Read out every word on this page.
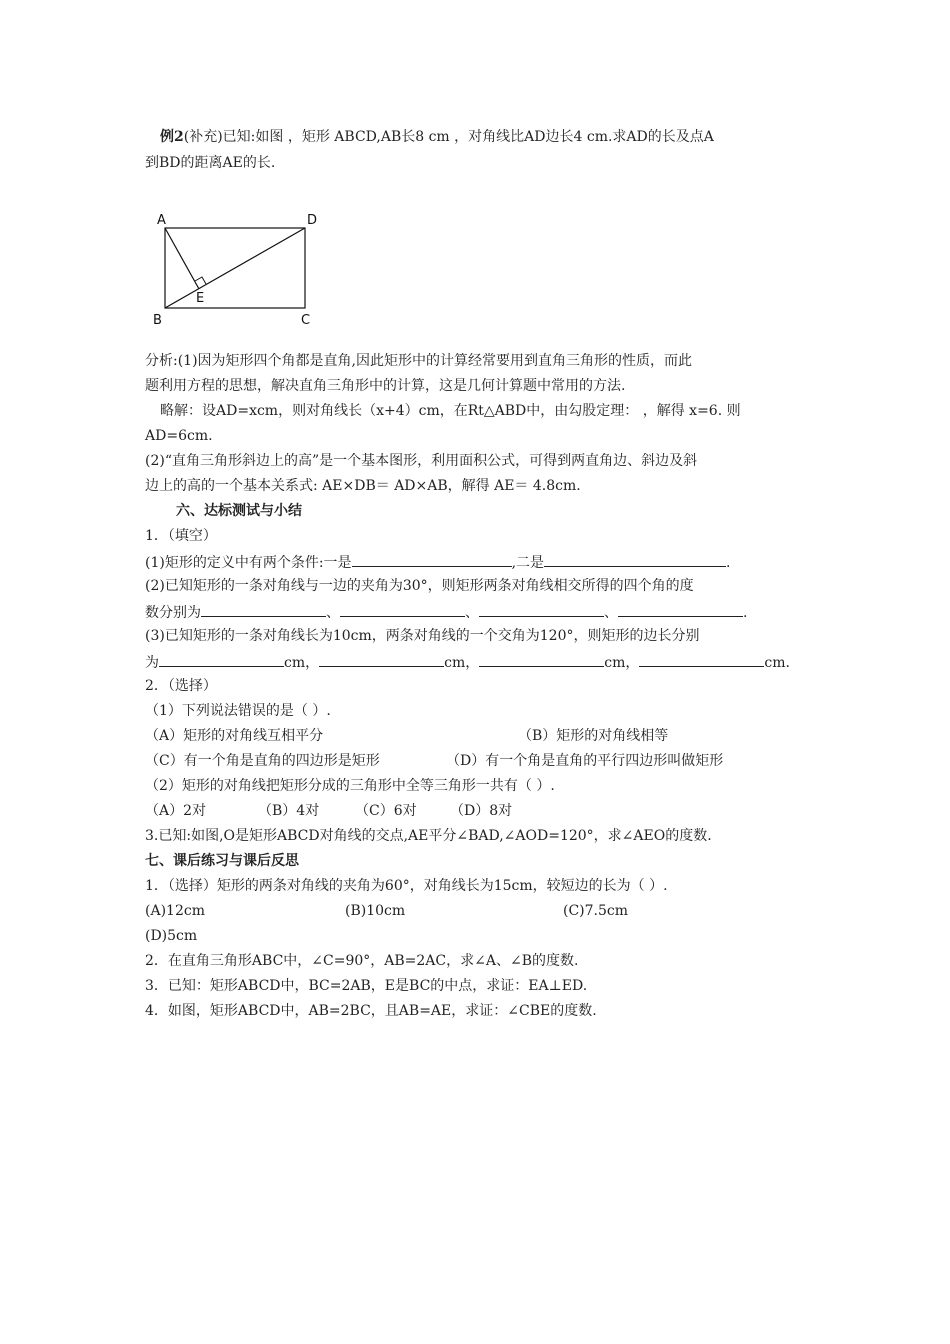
例2(补充)已知:如图 ，矩形 ABCD,AB长8 cm ，对角线比AD边长4 cm.求AD的长及点A
到BD的距离AE的长.
A	D
B	C
E
分析:(1)因为矩形四个角都是直角,因此矩形中的计算经常要用到直角三角形的性质，而此
题利用方程的思想，解决直角三角形中的计算，这是几何计算题中常用的方法.
略解：设AD=xcm，则对角线长（x+4）cm，在Rt△ABD中，由勾股定理： ，解得 x=6. 则
AD=6cm.
(2)“直角三角形斜边上的高”是一个基本图形，利用面积公式，可得到两直角边、斜边及斜
边上的高的一个基本关系式: AE×DB＝ AD×AB，解得 AE＝ 4.8cm.
六、达标测试与小结
1．（填空）
(1)矩形的定义中有两个条件:一是	,二是	.
(2)已知矩形的一条对角线与一边的夹角为30°，则矩形两条对角线相交所得的四个角的度
数分别为	、	、	、	.
(3)已知矩形的一条对角线长为10cm，两条对角线的一个交角为120°，则矩形的边长分别
为	cm，	cm，	cm，	cm.
2．（选择）
（1）下列说法错误的是（ ）.
（A）矩形的对角线互相平分	（B）矩形的对角线相等
（C）有一个角是直角的四边形是矩形	（D）有一个角是直角的平行四边形叫做矩形
（2）矩形的对角线把矩形分成的三角形中全等三角形一共有（ ）.
（A）2对	（B）4对	（C）6对 （D）8对
3.已知:如图,O是矩形ABCD对角线的交点,AE平分∠BAD,∠AOD=120°，求∠AEO的度数.
七、课后练习与课后反思
1．（选择）矩形的两条对角线的夹角为60°，对角线长为15cm，较短边的长为（ ）.
(A)12cm	(B)10cm	(C)7.5cm
(D)5cm
2．在直角三角形ABC中，∠C=90°，AB=2AC，求∠A、∠B的度数.
3．已知：矩形ABCD中，BC=2AB，E是BC的中点，求证：EA⊥ED.
4．如图，矩形ABCD中，AB=2BC，且AB=AE，求证：∠CBE的度数.
